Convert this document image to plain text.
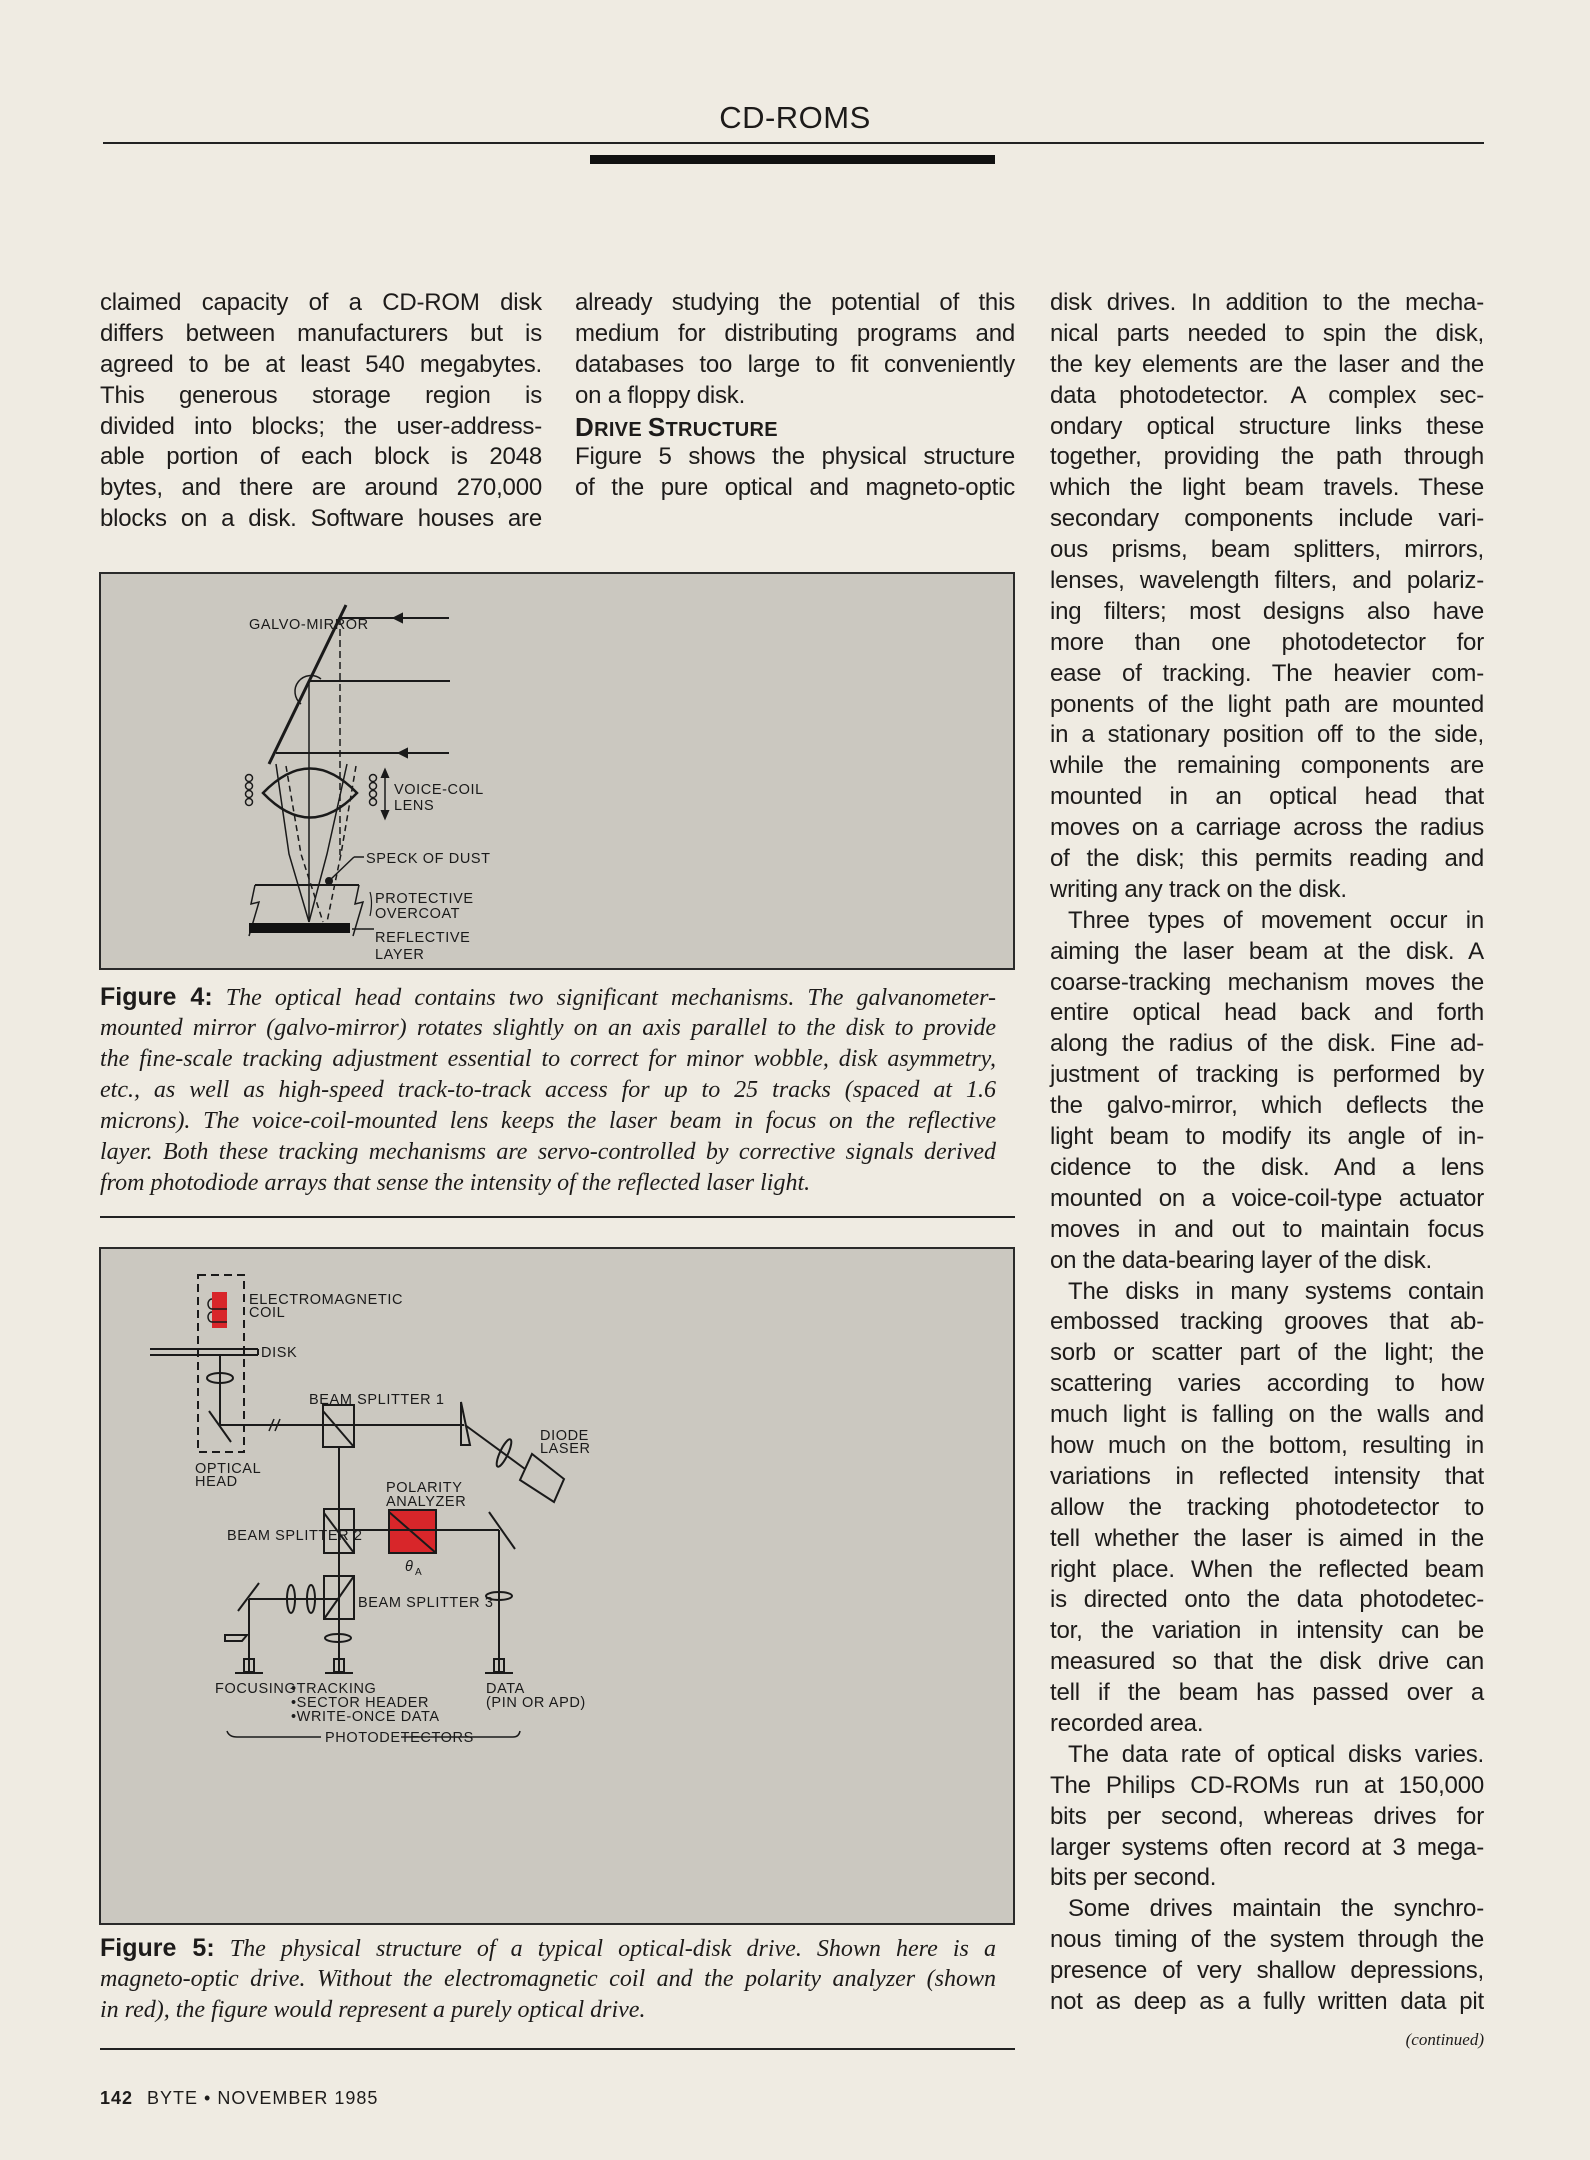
CD-ROMS
claimed capacity of a CD-ROM disk
differs between manufacturers but is
agreed to be at least 540 megabytes.
This generous storage region is
divided into blocks; the user-address-
able portion of each block is 2048
bytes, and there are around 270,000
blocks on a disk. Software houses are
already studying the potential of this
medium for distributing programs and
databases too large to fit conveniently
on a floppy disk.
DRIVE STRUCTURE
Figure 5 shows the physical structure
of the pure optical and magneto-optic
disk drives. In addition to the mecha-
nical parts needed to spin the disk,
the key elements are the laser and the
data photodetector. A complex sec-
ondary optical structure links these
together, providing the path through
which the light beam travels. These
secondary components include vari-
ous prisms, beam splitters, mirrors,
lenses, wavelength filters, and polariz-
ing filters; most designs also have
more than one photodetector for
ease of tracking. The heavier com-
ponents of the light path are mounted
in a stationary position off to the side,
while the remaining components are
mounted in an optical head that
moves on a carriage across the radius
of the disk; this permits reading and
writing any track on the disk.
Three types of movement occur in
aiming the laser beam at the disk. A
coarse-tracking mechanism moves the
entire optical head back and forth
along the radius of the disk. Fine ad-
justment of tracking is performed by
the galvo-mirror, which deflects the
light beam to modify its angle of in-
cidence to the disk. And a lens
mounted on a voice-coil-type actuator
moves in and out to maintain focus
on the data-bearing layer of the disk.
The disks in many systems contain
embossed tracking grooves that ab-
sorb or scatter part of the light; the
scattering varies according to how
much light is falling on the walls and
how much on the bottom, resulting in
variations in reflected intensity that
allow the tracking photodetector to
tell whether the laser is aimed in the
right place. When the reflected beam
is directed onto the data photodetec-
tor, the variation in intensity can be
measured so that the disk drive can
tell if the beam has passed over a
recorded area.
The data rate of optical disks varies.
The Philips CD-ROMs run at 150,000
bits per second, whereas drives for
larger systems often record at 3 mega-
bits per second.
Some drives maintain the synchro-
nous timing of the system through the
presence of very shallow depressions,
not as deep as a fully written data pit
GALVO-MIRROR
VOICE-COIL
LENS
SPECK OF DUST
PROTECTIVE
OVERCOAT
REFLECTIVE
LAYER
Figure 4: The optical head contains two significant mechanisms. The galvanometer-
mounted mirror (galvo-mirror) rotates slightly on an axis parallel to the disk to provide
the fine-scale tracking adjustment essential to correct for minor wobble, disk asymmetry,
etc., as well as high-speed track-to-track access for up to 25 tracks (spaced at 1.6
microns). The voice-coil-mounted lens keeps the laser beam in focus on the reflective
layer. Both these tracking mechanisms are servo-controlled by corrective signals derived
from photodiode arrays that sense the intensity of the reflected laser light.
ELECTROMAGNETIC
COIL
DISK
BEAM SPLITTER 1
OPTICAL
HEAD
DIODE
LASER
POLARITY
ANALYZER
BEAM SPLITTER 2
θ A
BEAM SPLITTER 3
FOCUSING
•TRACKING
•SECTOR HEADER
•WRITE-ONCE DATA
DATA
(PIN OR APD)
PHOTODETECTORS
Figure 5: The physical structure of a typical optical-disk drive. Shown here is a
magneto-optic drive. Without the electromagnetic coil and the polarity analyzer (shown
in red), the figure would represent a purely optical drive.
(continued)
142 BYTE • NOVEMBER 1985
